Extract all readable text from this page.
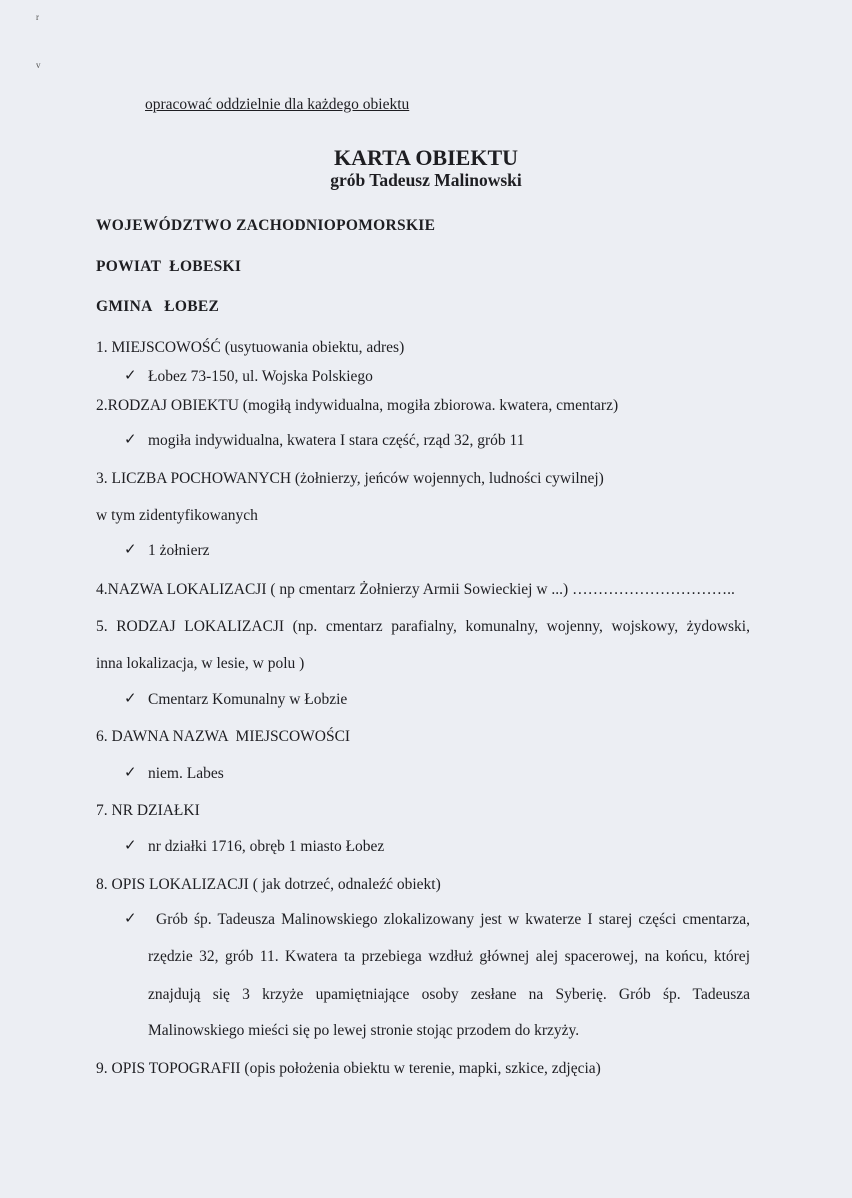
r
v
opracować oddzielnie dla każdego obiektu
KARTA OBIEKTU
grób Tadeusz Malinowski
WOJEWÓDZTWO ZACHODNIOPOMORSKIE
POWIAT  ŁOBESKI
GMINA   ŁOBEZ
1. MIEJSCOWOŚĆ (usytuowania obiektu, adres)
✓ Łobez 73-150, ul. Wojska Polskiego
2.RODZAJ OBIEKTU (mogiłą indywidualna, mogiła zbiorowa. kwatera, cmentarz)
✓ mogiła indywidualna, kwatera I stara część, rząd 32, grób 11
3. LICZBA POCHOWANYCH (żołnierzy, jeńców wojennych, ludności cywilnej)
w tym zidentyfikowanych
✓ 1 żołnierz
4.NAZWA LOKALIZACJI ( np cmentarz Żołnierzy Armii Sowieckiej w ...) …………………………..
5. RODZAJ LOKALIZACJI (np. cmentarz parafialny, komunalny, wojenny, wojskowy, żydowski,
inna lokalizacja, w lesie, w polu )
✓ Cmentarz Komunalny w Łobzie
6. DAWNA NAZWA  MIEJSCOWOŚCI
✓ niem. Labes
7. NR DZIAŁKI
✓ nr działki 1716, obręb 1 miasto Łobez
8. OPIS LOKALIZACJI ( jak dotrzeć, odnaleźć obiekt)
✓ Grób śp. Tadeusza Malinowskiego zlokalizowany jest w kwaterze I starej części cmentarza,
rzędzie 32, grób 11. Kwatera ta przebiega wzdłuż głównej alej spacerowej, na końcu, której
znajdują się 3 krzyże upamiętniające osoby zesłane na Syberię. Grób śp. Tadeusza
Malinowskiego mieści się po lewej stronie stojąc przodem do krzyży.
9. OPIS TOPOGRAFII (opis położenia obiektu w terenie, mapki, szkice, zdjęcia)
